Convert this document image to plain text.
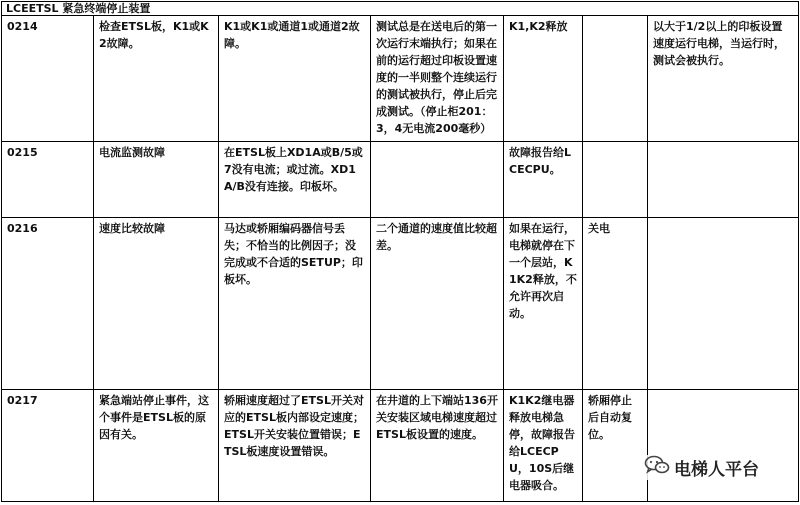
LCEETSL 紧急终端停止装置						
0214	检查ETSL板，K1或K2故障。	K1或K1或通道1或通道2故障。	测试总是在送电后的第一次运行末端执行；如果在前的运行超过印板设置速度的一半则整个连续运行的测试被执行，停止后完成测试。（停止柜201：3，4无电流200毫秒）	K1,K2释放		以大于1/2以上的印板设置速度运行电梯，当运行时，测试会被执行。
0215	电流监测故障	在ETSL板上XD1A或B/5或7没有电流；或过流。XD1A/B没有连接。印板坏。		故障报告给LCECPU。		
0216	速度比较故障	马达或轿厢编码器信号丢失；不恰当的比例因子；没完成或不合适的SETUP；印板坏。	二个通道的速度值比较超差。	如果在运行，电梯就停在下一个层站，K1K2释放，不允许再次启动。	关电	
0217	紧急端站停止事件，这个事件是ETSL板的原因有关。	轿厢速度超过了ETSL开关对应的ETSL板内部设定速度；ETSL开关安装位置错误；ETSL板速度设置错误。	在井道的上下端站136开关安装区域电梯速度超过ETSL板设置的速度。	K1K2继电器释放电梯急停，故障报告给LCECPU，10S后继电器吸合。	轿厢停止后自动复位。	
电梯人平台
